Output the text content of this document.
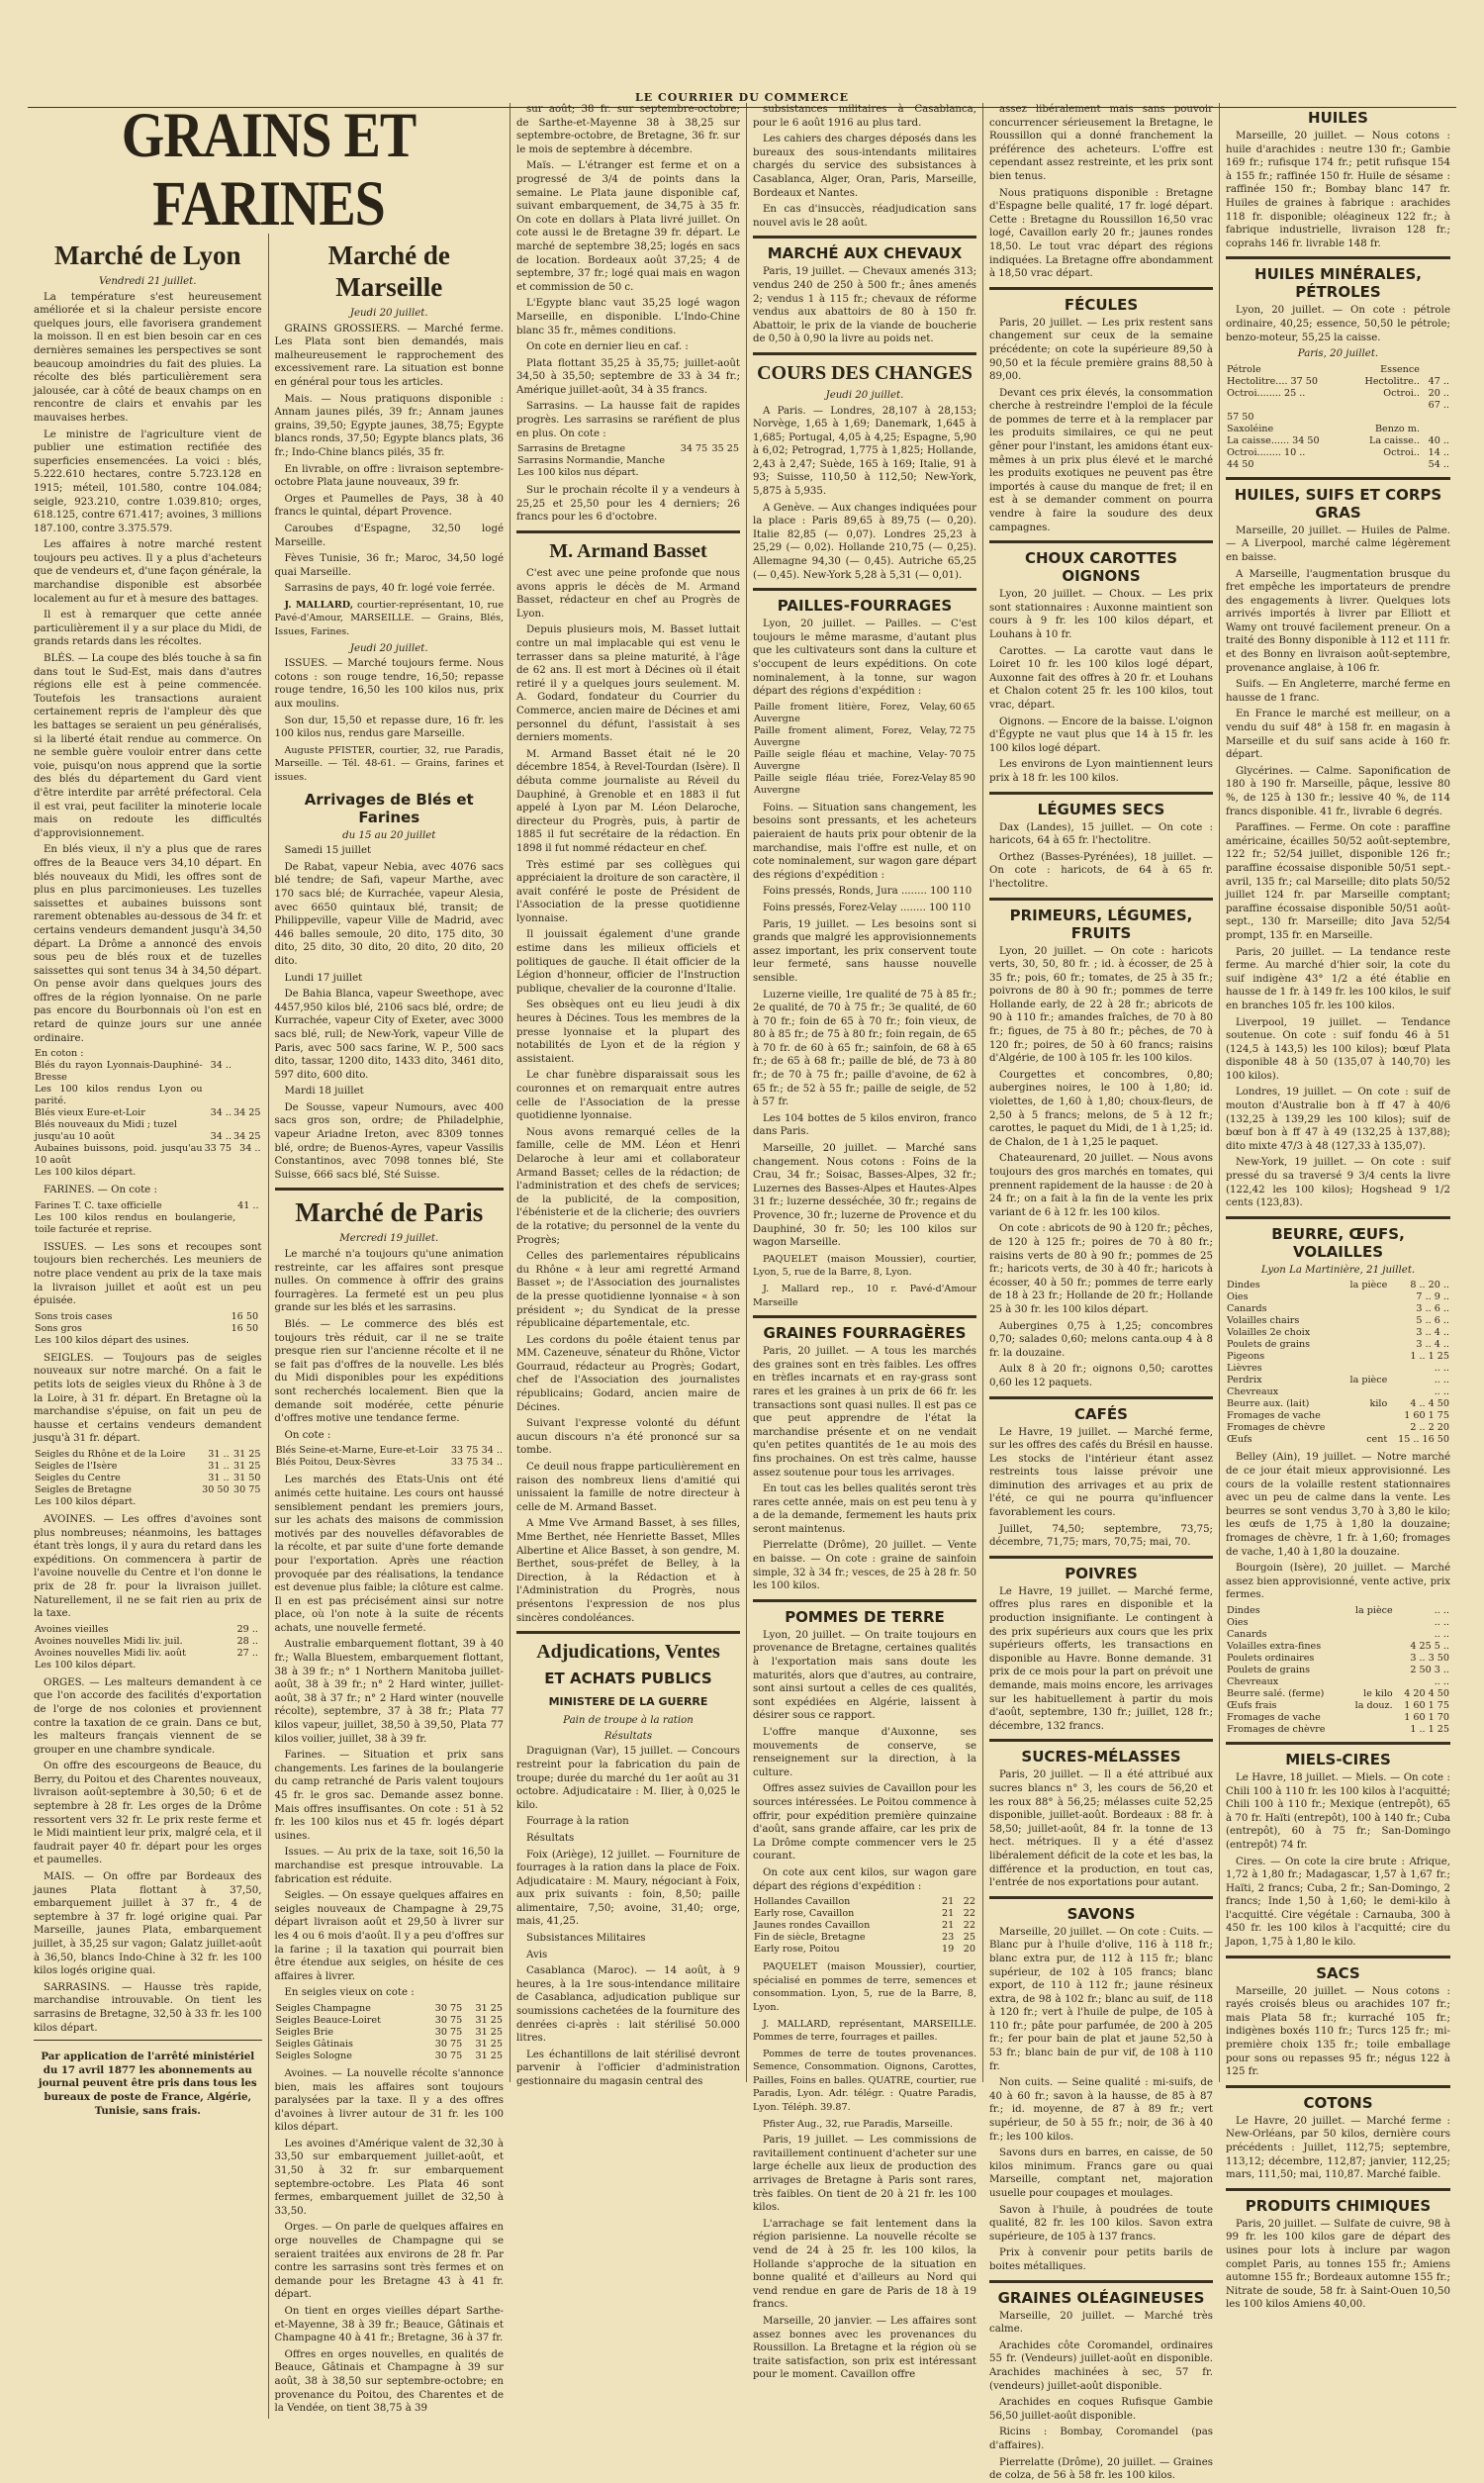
LE COURRIER DU COMMERCE
GRAINS ET FARINES
Marché de Lyon

Vendredi 21 juillet.

La température s'est heureusement améliorée et si la chaleur persiste encore quelques jours, elle favorisera grandement la moisson. Il en est bien besoin car en ces dernières semaines les perspectives se sont beaucoup amoindries du fait des pluies. La récolte des blés particulièrement sera jalousée, car à côté de beaux champs on en rencontre de clairs et envahis par les mauvaises herbes.

Le ministre de l'agriculture vient de publier une estimation rectifiée des superficies ensemencées. La voici : blés, 5.222.610 hectares, contre 5.723.128 en 1915; méteil, 101.580, contre 104.084; seigle, 923.210, contre 1.039.810; orges, 618.125, contre 671.417; avoines, 3 millions 187.100, contre 3.375.579.

Les affaires à notre marché restent toujours peu actives. Il y a plus d'acheteurs que de vendeurs et, d'une façon générale, la marchandise disponible est absorbée localement au fur et à mesure des battages.

Il est à remarquer que cette année particulièrement il y a sur place du Midi, de grands retards dans les récoltes.

BLÉS. — La coupe des blés touche à sa fin dans tout le Sud-Est, mais dans d'autres régions elle est à peine commencée. Toutefois les transactions auraient certainement repris de l'ampleur dès que les battages se seraient un peu généralisés, si la liberté était rendue au commerce. On ne semble guère vouloir entrer dans cette voie, puisqu'on nous apprend que la sortie des blés du département du Gard vient d'être interdite par arrêté préfectoral. Cela il est vrai, peut faciliter la minoterie locale mais on redoute les difficultés d'approvisionnement.

En blés vieux, il n'y a plus que de rares offres de la Beauce vers 34,10 départ. En blés nouveaux du Midi, les offres sont de plus en plus parcimonieuses. Les tuzelles saissettes et aubaines buissons sont rarement obtenables au-dessous de 34 fr. et certains vendeurs demandent jusqu'à 34,50 départ. La Drôme a annoncé des envois sous peu de blés roux et de tuzelles saissettes qui sont tenus 34 à 34,50 départ. On pense avoir dans quelques jours des offres de la région lyonnaise. On ne parle pas encore du Bourbonnais où l'on est en retard de quinze jours sur une année ordinaire.

En coton :		
Blés du rayon Lyonnais-Dauphiné-Bresse	34 ..	
Les 100 kilos rendus Lyon ou parité.		
Blés vieux Eure-et-Loir	34 ..	34 25
Blés nouveaux du Midi ; tuzel		
jusqu'au 10 août	34 ..	34 25
Aubaines buissons, poid. jusqu'au 10 août	33 75	34 ..
Les 100 kilos départ.		

FARINES. — On cote :

Farines T. C. taxe officielle	41 ..	
Les 100 kilos rendus en boulangerie, toile facturée et reprise.		

ISSUES. — Les sons et recoupes sont toujours bien recherchés. Les meuniers de notre place vendent au prix de la taxe mais la livraison juillet et août est un peu épuisée.

Sons trois cases	16 50	
Sons gros	16 50	
Les 100 kilos départ des usines.		

SEIGLES. — Toujours pas de seigles nouveaux sur notre marché. On a fait le petits lots de seigles vieux du Rhône à 3 de la Loire, à 31 fr. départ. En Bretagne où la marchandise s'épuise, on fait un peu de hausse et certains vendeurs demandent jusqu'à 31 fr. départ.

Seigles du Rhône et de la Loire	31 ..	31 25
Seigles de l'Isère	31 ..	31 25
Seigles du Centre	31 ..	31 50
Seigles de Bretagne	30 50	30 75
Les 100 kilos départ.		

AVOINES. — Les offres d'avoines sont plus nombreuses; néanmoins, les battages étant très longs, il y aura du retard dans les expéditions. On commencera à partir de l'avoine nouvelle du Centre et l'on donne le prix de 28 fr. pour la livraison juillet. Naturellement, il ne se fait rien au prix de la taxe.

Avoines vieilles	29 ..	
Avoines nouvelles Midi liv. juil.	28 ..	
Avoines nouvelles Midi liv. août	27 ..	
Les 100 kilos départ.		

ORGES. — Les malteurs demandent à ce que l'on accorde des facilités d'exportation de l'orge de nos colonies et proviennent contre la taxation de ce grain. Dans ce but, les malteurs français viennent de se grouper en une chambre syndicale.

On offre des escourgeons de Beauce, du Berry, du Poitou et des Charentes nouveaux, livraison août-septembre à 30,50; 6 et de septembre à 28 fr. Les orges de la Drôme ressortent vers 32 fr. Le prix reste ferme et le Midi maintient leur prix, malgré cela, et il faudrait payer 40 fr. départ pour les orges et paumelles.

MAIS. — On offre par Bordeaux des jaunes Plata flottant à 37,50, embarquement juillet à 37 fr., 4 de septembre à 37 fr. logé origine quai. Par Marseille, jaunes Plata, embarquement juillet, à 35,25 sur vagon; Galatz juillet-août à 36,50, blancs Indo-Chine à 32 fr. les 100 kilos logés origine quai.

SARRASINS. — Hausse très rapide, marchandise introuvable. On tient les sarrasins de Bretagne, 32,50 à 33 fr. les 100 kilos départ.

Par application de l'arrêté ministériel du 17 avril 1877 les abonnements au journal peuvent être pris dans tous les bureaux de poste de France, Algérie, Tunisie, sans frais.

Marché de Marseille

Jeudi 20 juillet.

GRAINS GROSSIERS. — Marché ferme. Les Plata sont bien demandés, mais malheureusement le rapprochement des excessivement rare. La situation est bonne en général pour tous les articles.

Mais. — Nous pratiquons disponible : Annam jaunes pilés, 39 fr.; Annam jaunes grains, 39,50; Egypte jaunes, 38,75; Egypte blancs ronds, 37,50; Egypte blancs plats, 36 fr.; Indo-Chine blancs pilés, 35 fr.

En livrable, on offre : livraison septembre-octobre Plata jaune nouveaux, 39 fr.

Orges et Paumelles de Pays, 38 à 40 francs le quintal, départ Provence.

Caroubes d'Espagne, 32,50 logé Marseille.

Fèves Tunisie, 36 fr.; Maroc, 34,50 logé quai Marseille.

Sarrasins de pays, 40 fr. logé voie ferrée.

J. MALLARD, courtier-représentant, 10, rue Pavé-d'Amour, MARSEILLE. — Grains, Blés, Issues, Farines.

Jeudi 20 juillet.

ISSUES. — Marché toujours ferme. Nous cotons : son rouge tendre, 16,50; repasse rouge tendre, 16,50 les 100 kilos nus, prix aux moulins.

Son dur, 15,50 et repasse dure, 16 fr. les 100 kilos nus, rendus gare Marseille.

Auguste PFISTER, courtier, 32, rue Paradis, Marseille. — Tél. 48-61. — Grains, farines et issues.

Arrivages de Blés et Farines

du 15 au 20 juillet

Samedi 15 juillet

De Rabat, vapeur Nebia, avec 4076 sacs blé tendre; de Safi, vapeur Marthe, avec 170 sacs blé; de Kurrachée, vapeur Alesia, avec 6650 quintaux blé, transit; de Philippeville, vapeur Ville de Madrid, avec 446 balles semoule, 20 dito, 175 dito, 30 dito, 25 dito, 30 dito, 20 dito, 20 dito, 20 dito.

Lundi 17 juillet

De Bahia Blanca, vapeur Sweethope, avec 4457,950 kilos blé, 2106 sacs blé, ordre; de Kurrachée, vapeur City of Exeter, avec 3000 sacs blé, rull; de New-York, vapeur Ville de Paris, avec 500 sacs farine, W. P., 500 sacs dito, tassar, 1200 dito, 1433 dito, 3461 dito, 597 dito, 600 dito.

Mardi 18 juillet

De Sousse, vapeur Numours, avec 400 sacs gros son, ordre; de Philadelphie, vapeur Ariadne Ireton, avec 8309 tonnes blé, ordre; de Buenos-Ayres, vapeur Vassilis Constantinos, avec 7098 tonnes blé, Ste Suisse, 666 sacs blé, Sté Suisse.

Marché de Paris

Mercredi 19 juillet.

Le marché n'a toujours qu'une animation restreinte, car les affaires sont presque nulles. On commence à offrir des grains fourragères. La fermeté est un peu plus grande sur les blés et les sarrasins.

Blés. — Le commerce des blés est toujours très réduit, car il ne se traite presque rien sur l'ancienne récolte et il ne se fait pas d'offres de la nouvelle. Les blés du Midi disponibles pour les expéditions sont recherchés localement. Bien que la demande soit modérée, cette pénurie d'offres motive une tendance ferme.

On cote :

Blés Seine-et-Marne, Eure-et-Loir	33 75	34 ..
Blés Poitou, Deux-Sèvres	33 75	34 ..

Les marchés des Etats-Unis ont été animés cette huitaine. Les cours ont haussé sensiblement pendant les premiers jours, sur les achats des maisons de commission motivés par des nouvelles défavorables de la récolte, et par suite d'une forte demande pour l'exportation. Après une réaction provoquée par des réalisations, la tendance est devenue plus faible; la clôture est calme. Il en est pas précisément ainsi sur notre place, où l'on note à la suite de récents achats, une nouvelle fermeté.

Australie embarquement flottant, 39 à 40 fr.; Walla Bluestem, embarquement flottant, 38 à 39 fr.; n° 1 Northern Manitoba juillet-août, 38 à 39 fr.; n° 2 Hard winter, juillet-août, 38 à 37 fr.; n° 2 Hard winter (nouvelle récolte), septembre, 37 à 38 fr.; Plata 77 kilos vapeur, juillet, 38,50 à 39,50, Plata 77 kilos voilier, juillet, 38 à 39 fr.

Farines. — Situation et prix sans changements. Les farines de la boulangerie du camp retranché de Paris valent toujours 45 fr. le gros sac. Demande assez bonne. Mais offres insuffisantes. On cote : 51 à 52 fr. les 100 kilos nus et 45 fr. logés départ usines.

Issues. — Au prix de la taxe, soit 16,50 la marchandise est presque introuvable. La fabrication est réduite.

Seigles. — On essaye quelques affaires en seigles nouveaux de Champagne à 29,75 départ livraison août et 29,50 à livrer sur les 4 ou 6 mois d'août. Il y a peu d'offres sur la farine ; il la taxation qui pourrait bien être étendue aux seigles, on hésite de ces affaires à livrer.

En seigles vieux on cote :

Seigles Champagne	30 75	31 25
Seigles Beauce-Loiret	30 75	31 25
Seigles Brie	30 75	31 25
Seigles Gâtinais	30 75	31 25
Seigles Sologne	30 75	31 25

Avoines. — La nouvelle récolte s'annonce bien, mais les affaires sont toujours paralysées par la taxe. Il y a des offres d'avoines à livrer autour de 31 fr. les 100 kilos départ.

Les avoines d'Amérique valent de 32,30 à 33,50 sur embarquement juillet-août, et 31,50 à 32 fr. sur embarquement septembre-octobre. Les Plata 46 sont fermes, embarquement juillet de 32,50 à 33,50.

Orges. — On parle de quelques affaires en orge nouvelles de Champagne qui se seraient traitées aux environs de 28 fr. Par contre les sarrasins sont très fermes et on demande pour les Bretagne 43 à 41 fr. départ.

On tient en orges vieilles départ Sarthe-et-Mayenne, 38 à 39 fr.; Beauce, Gâtinais et Champagne 40 à 41 fr.; Bretagne, 36 à 37 fr.

Offres en orges nouvelles, en qualités de Beauce, Gâtinais et Champagne à 39 sur août, 38 à 38,50 sur septembre-octobre; en provenance du Poitou, des Charentes et de la Vendée, on tient 38,75 à 39

sur août; 38 fr. sur septembre-octobre; de Sarthe-et-Mayenne 38 à 38,25 sur septembre-octobre, de Bretagne, 36 fr. sur le mois de septembre à décembre.

Maïs. — L'étranger est ferme et on a progressé de 3/4 de points dans la semaine. Le Plata jaune disponible caf, suivant embarquement, de 34,75 à 35 fr. On cote en dollars à Plata livré juillet. On cote aussi le de Bretagne 39 fr. départ. Le marché de septembre 38,25; logés en sacs de location. Bordeaux août 37,25; 4 de septembre, 37 fr.; logé quai mais en wagon et commission de 50 c.

L'Egypte blanc vaut 35,25 logé wagon Marseille, en disponible. L'Indo-Chine blanc 35 fr., mêmes conditions.

On cote en dernier lieu en caf. :

Plata flottant 35,25 à 35,75; juillet-août 34,50 à 35,50; septembre de 33 à 34 fr.; Amérique juillet-août, 34 à 35 francs.

Sarrasins. — La hausse fait de rapides progrès. Les sarrasins se raréfient de plus en plus. On cote :

Sarrasins de Bretagne	34 75	35 25
Sarrasins Normandie, Manche		
Les 100 kilos nus départ.		

Sur le prochain récolte il y a vendeurs à 25,25 et 25,50 pour les 4 derniers; 26 francs pour les 6 d'octobre.

M. Armand Basset

C'est avec une peine profonde que nous avons appris le décès de M. Armand Basset, rédacteur en chef au Progrès de Lyon.

Depuis plusieurs mois, M. Basset luttait contre un mal implacable qui est venu le terrasser dans sa pleine maturité, à l'âge de 62 ans. Il est mort à Décines où il était retiré il y a quelques jours seulement. M. A. Godard, fondateur du Courrier du Commerce, ancien maire de Décines et ami personnel du défunt, l'assistait à ses derniers moments.

M. Armand Basset était né le 20 décembre 1854, à Revel-Tourdan (Isère). Il débuta comme journaliste au Réveil du Dauphiné, à Grenoble et en 1883 il fut appelé à Lyon par M. Léon Delaroche, directeur du Progrès, puis, à partir de 1885 il fut secrétaire de la rédaction. En 1898 il fut nommé rédacteur en chef.

Très estimé par ses collègues qui appréciaient la droiture de son caractère, il avait conféré le poste de Président de l'Association de la presse quotidienne lyonnaise.

Il jouissait également d'une grande estime dans les milieux officiels et politiques de gauche. Il était officier de la Légion d'honneur, officier de l'Instruction publique, chevalier de la couronne d'Italie.

Ses obsèques ont eu lieu jeudi à dix heures à Décines. Tous les membres de la presse lyonnaise et la plupart des notabilités de Lyon et de la région y assistaient.

Le char funèbre disparaissait sous les couronnes et on remarquait entre autres celle de l'Association de la presse quotidienne lyonnaise.

Nous avons remarqué celles de la famille, celle de MM. Léon et Henri Delaroche à leur ami et collaborateur Armand Basset; celles de la rédaction; de l'administration et des chefs de services; de la publicité, de la composition, l'ébénisterie et de la clicherie; des ouvriers de la rotative; du personnel de la vente du Progrès;

Celles des parlementaires républicains du Rhône « à leur ami regretté Armand Basset »; de l'Association des journalistes de la presse quotidienne lyonnaise « à son président »; du Syndicat de la presse républicaine départementale, etc.

Les cordons du poêle étaient tenus par MM. Cazeneuve, sénateur du Rhône, Victor Gourraud, rédacteur au Progrès; Godart, chef de l'Association des journalistes républicains; Godard, ancien maire de Décines.

Suivant l'expresse volonté du défunt aucun discours n'a été prononcé sur sa tombe.

Ce deuil nous frappe particulièrement en raison des nombreux liens d'amitié qui unissaient la famille de notre directeur à celle de M. Armand Basset.

A Mme Vve Armand Basset, à ses filles, Mme Berthet, née Henriette Basset, Mlles Albertine et Alice Basset, à son gendre, M. Berthet, sous-préfet de Belley, à la Direction, à la Rédaction et à l'Administration du Progrès, nous présentons l'expression de nos plus sincères condoléances.

Adjudications, Ventes
ET ACHATS PUBLICS
MINISTERE DE LA GUERRE

Pain de troupe à la ration

Résultats

Draguignan (Var), 15 juillet. — Concours restreint pour la fabrication du pain de troupe; durée du marché du 1er août au 31 octobre. Adjudicataire : M. Ilier, à 0,025 le kilo.

Fourrage à la ration

Résultats

Foix (Ariège), 12 juillet. — Fourniture de fourrages à la ration dans la place de Foix. Adjudicataire : M. Maury, négociant à Foix, aux prix suivants : foin, 8,50; paille alimentaire, 7,50; avoine, 31,40; orge, mais, 41,25.

Subsistances Militaires

Avis

Casablanca (Maroc). — 14 août, à 9 heures, à la 1re sous-intendance militaire de Casablanca, adjudication publique sur soumissions cachetées de la fourniture des denrées ci-après : lait stérilisé 50.000 litres.

Les échantillons de lait stérilisé devront parvenir à l'officier d'administration gestionnaire du magasin central des

subsistances militaires à Casablanca, pour le 6 août 1916 au plus tard.

Les cahiers des charges déposés dans les bureaux des sous-intendants militaires chargés du service des subsistances à Casablanca, Alger, Oran, Paris, Marseille, Bordeaux et Nantes.

En cas d'insuccès, réadjudication sans nouvel avis le 28 août.

MARCHÉ AUX CHEVAUX

Paris, 19 juillet. — Chevaux amenés 313; vendus 240 de 250 à 500 fr.; ânes amenés 2; vendus 1 à 115 fr.; chevaux de réforme vendus aux abattoirs de 80 à 150 fr. Abattoir, le prix de la viande de boucherie de 0,50 à 0,90 la livre au poids net.

COURS DES CHANGES

Jeudi 20 juillet.

A Paris. — Londres, 28,107 à 28,153; Norvège, 1,65 à 1,69; Danemark, 1,645 à 1,685; Portugal, 4,05 à 4,25; Espagne, 5,90 à 6,02; Petrograd, 1,775 à 1,825; Hollande, 2,43 à 2,47; Suède, 165 à 169; Italie, 91 à 93; Suisse, 110,50 à 112,50; New-York, 5,875 à 5,935.

A Genève. — Aux changes indiquées pour la place : Paris 89,65 à 89,75 (— 0,20). Italie 82,85 (— 0,07). Londres 25,23 à 25,29 (— 0,02). Hollande 210,75 (— 0,25). Allemagne 94,30 (— 0,45). Autriche 65,25 (— 0,45). New-York 5,28 à 5,31 (— 0,01).

PAILLES-FOURRAGES

Lyon, 20 juillet. — Pailles. — C'est toujours le même marasme, d'autant plus que les cultivateurs sont dans la culture et s'occupent de leurs expéditions. On cote nominalement, à la tonne, sur wagon départ des régions d'expédition :

Paille froment litière, Forez, Velay, Auvergne	60	65
Paille froment aliment, Forez, Velay, Auvergne	72	75
Paille seigle fléau et machine, Velay-Auvergne	70	75
Paille seigle fléau triée, Forez-Velay Auvergne	85	90

Foins. — Situation sans changement, les besoins sont pressants, et les acheteurs paieraient de hauts prix pour obtenir de la marchandise, mais l'offre est nulle, et on cote nominalement, sur wagon gare départ des régions d'expédition :

Foins pressés, Ronds, Jura ........ 100 110

Foins pressés, Forez-Velay ........ 100 110

Paris, 19 juillet. — Les besoins sont si grands que malgré les approvisionnements assez important, les prix conservent toute leur fermeté, sans hausse nouvelle sensible.

Luzerne vieille, 1re qualité de 75 à 85 fr.; 2e qualité, de 70 à 75 fr.; 3e qualité, de 60 à 70 fr.; foin de 65 à 70 fr.; foin vieux, de 80 à 85 fr.; de 75 à 80 fr.; foin regain, de 65 à 70 fr. de 60 à 65 fr.; sainfoin, de 68 à 65 fr.; de 65 à 68 fr.; paille de blé, de 73 à 80 fr.; de 70 à 75 fr.; paille d'avoine, de 62 à 65 fr.; de 52 à 55 fr.; paille de seigle, de 52 à 57 fr.

Les 104 bottes de 5 kilos environ, franco dans Paris.

Marseille, 20 juillet. — Marché sans changement. Nous cotons : Foins de la Crau, 34 fr.; Soisac, Basses-Alpes, 32 fr.; Luzernes des Basses-Alpes et Hautes-Alpes 31 fr.; luzerne desséchée, 30 fr.; regains de Provence, 30 fr.; luzerne de Provence et du Dauphiné, 30 fr. 50; les 100 kilos sur wagon Marseille.

PAQUELET (maison Moussier), courtier, Lyon, 5, rue de la Barre, 8, Lyon.

J. Mallard rep., 10 r. Pavé-d'Amour Marseille

GRAINES FOURRAGÈRES

Paris, 20 juillet. — A tous les marchés des graines sont en très faibles. Les offres en trèfles incarnats et en ray-grass sont rares et les graines à un prix de 66 fr. les transactions sont quasi nulles. Il est pas ce que peut apprendre de l'état la marchandise présente et on ne vendait qu'en petites quantités de 1e au mois des fins prochaines. On est très calme, hausse assez soutenue pour tous les arrivages.

En tout cas les belles qualités seront très rares cette année, mais on est peu tenu à y a de la demande, fermement les hauts prix seront maintenus.

Pierrelatte (Drôme), 20 juillet. — Vente en baisse. — On cote : graine de sainfoin simple, 32 à 34 fr.; vesces, de 25 à 28 fr. 50 les 100 kilos.

POMMES DE TERRE

Lyon, 20 juillet. — On traite toujours en provenance de Bretagne, certaines qualités à l'exportation mais sans doute les maturités, alors que d'autres, au contraire, sont ainsi surtout a celles de ces qualités, sont expédiées en Algérie, laissent à désirer sous ce rapport.

L'offre manque d'Auxonne, ses mouvements de conserve, se renseignement sur la direction, à la culture.

Offres assez suivies de Cavaillon pour les sources intéressées. Le Poitou commence à offrir, pour expédition première quinzaine d'août, sans grande affaire, car les prix de La Drôme compte commencer vers le 25 courant.

On cote aux cent kilos, sur wagon gare départ des régions d'expédition :

Hollandes Cavaillon	21	22
Early rose, Cavaillon	21	22
Jaunes rondes Cavaillon	21	22
Fin de siècle, Bretagne	23	25
Early rose, Poitou	19	20

PAQUELET (maison Moussier), courtier, spécialisé en pommes de terre, semences et consommation. Lyon, 5, rue de la Barre, 8, Lyon.

J. MALLARD, représentant, MARSEILLE. Pommes de terre, fourrages et pailles.

Pommes de terre de toutes provenances. Semence, Consommation. Oignons, Carottes, Pailles, Foins en balles. QUATRE, courtier, rue Paradis, Lyon. Adr. télégr. : Quatre Paradis, Lyon. Téléph. 39.87.

Pfister Aug., 32, rue Paradis, Marseille.

Paris, 19 juillet. — Les commissions de ravitaillement continuent d'acheter sur une large échelle aux lieux de production des arrivages de Bretagne à Paris sont rares, très faibles. On tient de 20 à 21 fr. les 100 kilos.

L'arrachage se fait lentement dans la région parisienne. La nouvelle récolte se vend de 24 à 25 fr. les 100 kilos, la Hollande s'approche de la situation en bonne qualité et d'ailleurs au Nord qui vend rendue en gare de Paris de 18 à 19 francs.

Marseille, 20 janvier. — Les affaires sont assez bonnes avec les provenances du Roussillon. La Bretagne et la région où se traite satisfaction, son prix est intéressant pour le moment. Cavaillon offre

assez libéralement mais sans pouvoir concurrencer sérieusement la Bretagne, le Roussillon qui a donné franchement la préférence des acheteurs. L'offre est cependant assez restreinte, et les prix sont bien tenus.

Nous pratiquons disponible : Bretagne d'Espagne belle qualité, 17 fr. logé départ. Cette : Bretagne du Roussillon 16,50 vrac logé, Cavaillon early 20 fr.; jaunes rondes 18,50. Le tout vrac départ des régions indiquées. La Bretagne offre abondamment à 18,50 vrac départ.

FÉCULES

Paris, 20 juillet. — Les prix restent sans changement sur ceux de la semaine précédente; on cote la supérieure 89,50 à 90,50 et la fécule première grains 88,50 à 89,00.

Devant ces prix élevés, la consommation cherche à restreindre l'emploi de la fécule de pommes de terre et à la remplacer par les produits similaires, ce qui ne peut gêner pour l'instant, les amidons étant eux-mêmes à un prix plus élevé et le marché les produits exotiques ne peuvent pas être importés à cause du manque de fret; il en est à se demander comment on pourra vendre à faire la soudure des deux campagnes.

CHOUX CAROTTES OIGNONS

Lyon, 20 juillet. — Choux. — Les prix sont stationnaires : Auxonne maintient son cours à 9 fr. les 100 kilos départ, et Louhans à 10 fr.

Carottes. — La carotte vaut dans le Loiret 10 fr. les 100 kilos logé départ, Auxonne fait des offres à 20 fr. et Louhans et Chalon cotent 25 fr. les 100 kilos, tout vrac, départ.

Oignons. — Encore de la baisse. L'oignon d'Égypte ne vaut plus que 14 à 15 fr. les 100 kilos logé départ.

Les environs de Lyon maintiennent leurs prix à 18 fr. les 100 kilos.

LÉGUMES SECS

Dax (Landes), 15 juillet. — On cote : haricots, 64 à 65 fr. l'hectolitre.

Orthez (Basses-Pyrénées), 18 juillet. — On cote : haricots, de 64 à 65 fr. l'hectolitre.

PRIMEURS, LÉGUMES, FRUITS

Lyon, 20 juillet. — On cote : haricots verts, 30, 50, 80 fr. ; id. à écosser, de 25 à 35 fr.; pois, 60 fr.; tomates, de 25 à 35 fr.; poivrons de 80 à 90 fr.; pommes de terre Hollande early, de 22 à 28 fr.; abricots de 90 à 110 fr.; amandes fraîches, de 70 à 80 fr.; figues, de 75 à 80 fr.; pêches, de 70 à 120 fr.; poires, de 50 à 60 francs; raisins d'Algérie, de 100 à 105 fr. les 100 kilos.

Courgettes et concombres, 0,80; aubergines noires, le 100 à 1,80; id. violettes, de 1,60 à 1,80; choux-fleurs, de 2,50 à 5 francs; melons, de 5 à 12 fr.; carottes, le paquet du Midi, de 1 à 1,25; id. de Chalon, de 1 à 1,25 le paquet.

Chateaurenard, 20 juillet. — Nous avons toujours des gros marchés en tomates, qui prennent rapidement de la hausse : de 20 à 24 fr.; on a fait à la fin de la vente les prix variant de 6 à 12 fr. les 100 kilos.

On cote : abricots de 90 à 120 fr.; pêches, de 120 à 125 fr.; poires de 70 à 80 fr.; raisins verts de 80 à 90 fr.; pommes de 25 fr.; haricots verts, de 30 à 40 fr.; haricots à écosser, 40 à 50 fr.; pommes de terre early de 18 à 23 fr.; Hollande de 20 fr.; Hollande 25 à 30 fr. les 100 kilos départ.

Aubergines 0,75 à 1,25; concombres 0,70; salades 0,60; melons canta.oup 4 à 8 fr. la douzaine.

Aulx 8 à 20 fr.; oignons 0,50; carottes 0,60 les 12 paquets.

CAFÉS

Le Havre, 19 juillet. — Marché ferme, sur les offres des cafés du Brésil en hausse. Les stocks de l'intérieur étant assez restreints tous laisse prévoir une diminution des arrivages et au prix de l'été, ce qui ne pourra qu'influencer favorablement les cours.

Juillet, 74,50; septembre, 73,75; décembre, 71,75; mars, 70,75; mai, 70.

POIVRES

Le Havre, 19 juillet. — Marché ferme, offres plus rares en disponible et la production insignifiante. Le contingent à des prix supérieurs aux cours que les prix supérieurs offerts, les transactions en disponible au Havre. Bonne demande. 31 prix de ce mois pour la part on prévoit une demande, mais moins encore, les arrivages sur les habituellement à partir du mois d'août, septembre, 130 fr.; juillet, 128 fr.; décembre, 132 francs.

SUCRES-MÉLASSES

Paris, 20 juillet. — Il a été attribué aux sucres blancs n° 3, les cours de 56,20 et les roux 88° à 56,25; mélasses cuite 52,25 disponible, juillet-août. Bordeaux : 88 fr. à 58,50; juillet-août, 84 fr. la tonne de 13 hect. métriques. Il y a été d'assez libéralement déficit de la cote et les bas, la différence et la production, en tout cas, l'entrée de nos exportations pour autant.

SAVONS

Marseille, 20 juillet. — On cote : Cuits. — Blanc pur à l'huile d'olive, 116 à 118 fr.; blanc extra pur, de 112 à 115 fr.; blanc supérieur, de 102 à 105 francs; blanc export, de 110 à 112 fr.; jaune résineux extra, de 98 à 102 fr.; blanc au suif, de 118 à 120 fr.; vert à l'huile de pulpe, de 105 à 110 fr.; pâte pour parfumée, de 200 à 205 fr.; fer pour bain de plat et jaune 52,50 à 53 fr.; blanc bain de pur vif, de 108 à 110 fr.

Non cuits. — Seine qualité : mi-suifs, de 40 à 60 fr.; savon à la hausse, de 85 à 87 fr.; id. moyenne, de 87 à 89 fr.; vert supérieur, de 50 à 55 fr.; noir, de 36 à 40 fr.; les 100 kilos.

Savons durs en barres, en caisse, de 50 kilos minimum. Francs gare ou quai Marseille, comptant net, majoration usuelle pour coupages et moulages.

Savon à l'huile, à poudrées de toute qualité, 82 fr. les 100 kilos. Savon extra supérieure, de 105 à 137 francs.

Prix à convenir pour petits barils de boites métalliques.

GRAINES OLÉAGINEUSES

Marseille, 20 juillet. — Marché très calme.

Arachides côte Coromandel, ordinaires 55 fr. (Vendeurs) juillet-août en disponible. Arachides machinées à sec, 57 fr. (vendeurs) juillet-août disponible.

Arachides en coques Rufisque Gambie 56,50 juillet-août disponible.

Ricins : Bombay, Coromandel (pas d'affaires).

Pierrelatte (Drôme), 20 juillet. — Graines de colza, de 56 à 58 fr. les 100 kilos.

HUILES

Marseille, 20 juillet. — Nous cotons : huile d'arachides : neutre 130 fr.; Gambie 169 fr.; rufisque 174 fr.; petit rufisque 154 à 155 fr.; raffinée 150 fr. Huile de sésame : raffinée 150 fr.; Bombay blanc 147 fr. Huiles de graines à fabrique : arachides 118 fr. disponible; oléagineux 122 fr.; à fabrique industrielle, livraison 128 fr.; coprahs 146 fr. livrable 148 fr.

HUILES MINÉRALES, PÉTROLES

Lyon, 20 juillet. — On cote : pétrole ordinaire, 40,25; essence, 50,50 le pétrole; benzo-moteur, 55,25 la caisse.

Paris, 20 juillet.

Pétrole	Essence	
Hectolitre.... 37 50	Hectolitre..	47 ..
Octroi........ 25 ..	Octroi..	20 ..
		67 ..
57 50		
Saxoléine	Benzo m.	
La caisse...... 34 50	La caisse..	40 ..
Octroi........ 10 ..	Octroi..	14 ..
44 50		54 ..
HUILES, SUIFS ET CORPS GRAS

Marseille, 20 juillet. — Huiles de Palme. — A Liverpool, marché calme légèrement en baisse.

A Marseille, l'augmentation brusque du fret empêche les importateurs de prendre des engagements à livrer. Quelques lots arrivés importés à livrer par Elliott et Wamy ont trouvé facilement preneur. On a traité des Bonny disponible à 112 et 111 fr. et des Bonny en livraison août-septembre, provenance anglaise, à 106 fr.

Suifs. — En Angleterre, marché ferme en hausse de 1 franc.

En France le marché est meilleur, on a vendu du suif 48° à 158 fr. en magasin à Marseille et du suif sans acide à 160 fr. départ.

Glycérines. — Calme. Saponification de 180 à 190 fr. Marseille, pâque, lessive 80 %, de 125 à 130 fr.; lessive 40 %, de 114 francs disponible. 41 fr., livrable 6 degrés.

Paraffines. — Ferme. On cote : paraffine américaine, écailles 50/52 août-septembre, 122 fr.; 52/54 juillet, disponible 126 fr.; paraffine écossaise disponible 50/51 sept.-avril, 135 fr.; cal Marseille; dito plats 50/52 juillet 124 fr. par Marseille comptant; paraffine écossaise disponible 50/51 août-sept., 130 fr. Marseille; dito Java 52/54 prompt, 135 fr. en Marseille.

Paris, 20 juillet. — La tendance reste ferme. Au marché d'hier soir, la cote du suif indigène 43° 1/2 a été établie en hausse de 1 fr. à 149 fr. les 100 kilos, le suif en branches 105 fr. les 100 kilos.

Liverpool, 19 juillet. — Tendance soutenue. On cote : suif fondu 46 à 51 (124,5 à 143,5) les 100 kilos); bœuf Plata disponible 48 à 50 (135,07 à 140,70) les 100 kilos).

Londres, 19 juillet. — On cote : suif de mouton d'Australie bon à ff 47 à 40/6 (132,25 à 139,29 les 100 kilos); suif de bœuf bon à ff 47 à 49 (132,25 à 137,88); dito mixte 47/3 à 48 (127,33 à 135,07).

New-York, 19 juillet. — On cote : suif pressé du sa traversé 9 3/4 cents la livre (122,42 les 100 kilos); Hogshead 9 1/2 cents (123,83).

BEURRE, ŒUFS, VOLAILLES

Lyon La Martinière, 21 juillet.

Dindes	la pièce	8 .. 20 ..
Oies		7 .. 9 ..
Canards		3 .. 6 ..
Volailles chairs		5 .. 6 ..
Volailles 2e choix		3 .. 4 ..
Poulets de grains		3 .. 4 ..
Pigeons		1 .. 1 25
Lièvres		.. ..
Perdrix	la pièce	.. ..
Chevreaux		.. ..
Beurre aux. (lait)	kilo	4 .. 4 50
Fromages de vache		1 60 1 75
Fromages de chèvre		2 .. 2 20
Œufs	cent	15 .. 16 50

Belley (Ain), 19 juillet. — Notre marché de ce jour était mieux approvisionné. Les cours de la volaille restent stationnaires avec un peu de calme dans la vente. Les beurres se sont vendus 3,70 à 3,80 le kilo; les œufs de 1,75 à 1,80 la douzaine; fromages de chèvre, 1 fr. à 1,60; fromages de vache, 1,40 à 1,80 la douzaine.

Bourgoin (Isère), 20 juillet. — Marché assez bien approvisionné, vente active, prix fermes.

Dindes	la pièce	.. ..
Oies		.. ..
Canards		.. ..
Volailles extra-fines		4 25 5 ..
Poulets ordinaires		3 .. 3 50
Poulets de grains		2 50 3 ..
Chevreaux		.. ..
Beurre salé. (ferme)	le kilo	4 20 4 50
Œufs frais	la douz.	1 60 1 75
Fromages de vache		1 60 1 70
Fromages de chèvre		1 .. 1 25
MIELS-CIRES

Le Havre, 18 juillet. — Miels. — On cote : Chili 100 à 110 fr. les 100 kilos à l'acquitté; Chili 100 à 110 fr.; Mexique (entrepôt), 65 à 70 fr. Haïti (entrepôt), 100 à 140 fr.; Cuba (entrepôt), 60 à 75 fr.; San-Domingo (entrepôt) 74 fr.

Cires. — On cote la cire brute : Afrique, 1,72 à 1,80 fr.; Madagascar, 1,57 à 1,67 fr.; Haïti, 2 francs; Cuba, 2 fr.; San-Domingo, 2 francs; Inde 1,50 à 1,60; le demi-kilo à l'acquitté. Cire végétale : Carnauba, 300 à 450 fr. les 100 kilos à l'acquitté; cire du Japon, 1,75 à 1,80 le kilo.

SACS

Marseille, 20 juillet. — Nous cotons : rayés croisés bleus ou arachides 107 fr.; mais Plata 58 fr.; kurraché 105 fr.; indigènes boxés 110 fr.; Turcs 125 fr.; mi-première choix 135 fr.; toile emballage pour sons ou repasses 95 fr.; négus 122 à 125 fr.

COTONS

Le Havre, 20 juillet. — Marché ferme : New-Orléans, par 50 kilos, dernière cours précédents : Juillet, 112,75; septembre, 113,12; décembre, 112,87; janvier, 112,25; mars, 111,50; mai, 110,87. Marché faible.

PRODUITS CHIMIQUES

Paris, 20 juillet. — Sulfate de cuivre, 98 à 99 fr. les 100 kilos gare de départ des usines pour lots à inclure par wagon complet Paris, au tonnes 155 fr.; Amiens automne 155 fr.; Bordeaux automne 155 fr.; Nitrate de soude, 58 fr. à Saint-Ouen 10,50 les 100 kilos Amiens 40,00.
